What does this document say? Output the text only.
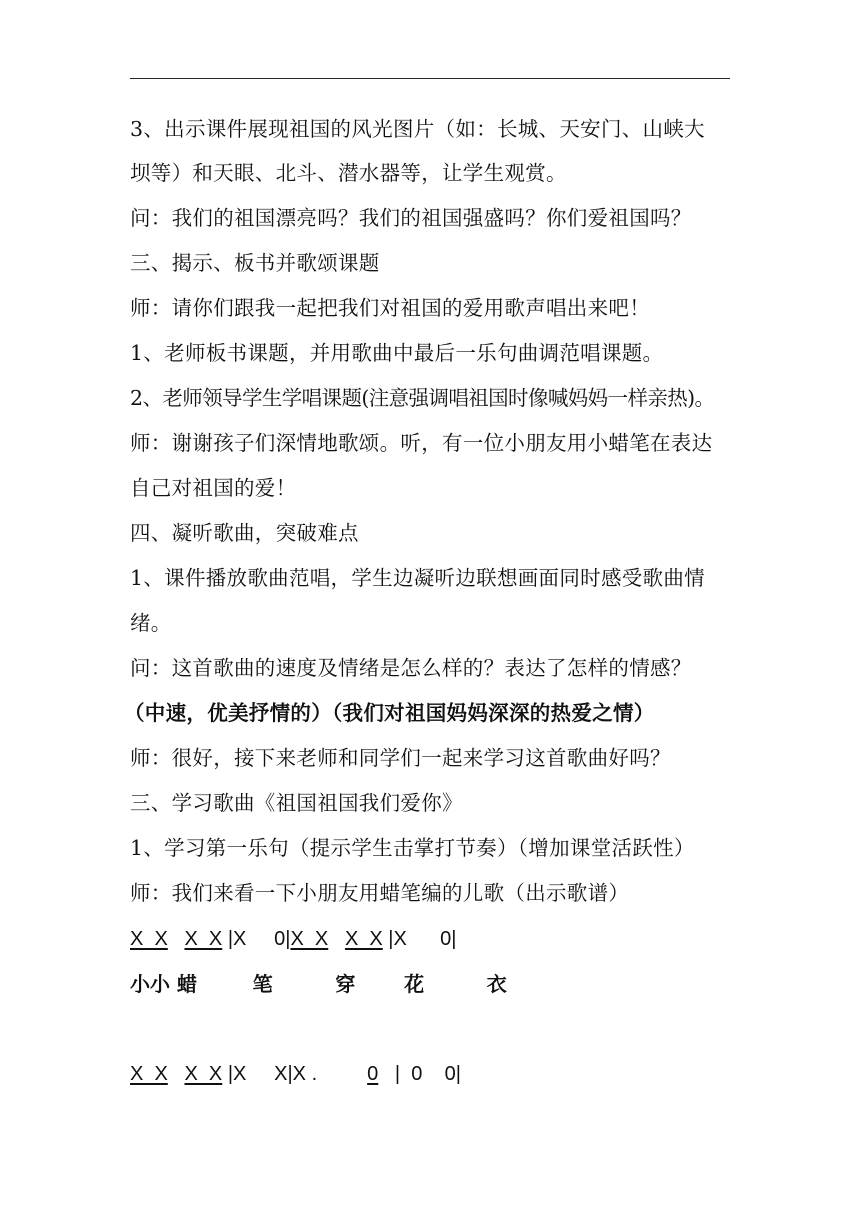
3、出示课件展现祖国的风光图片（如：长城、天安门、山峡大
坝等）和天眼、北斗、潜水器等，让学生观赏。
问：我们的祖国漂亮吗？我们的祖国强盛吗？你们爱祖国吗？
三、揭示、板书并歌颂课题
师：请你们跟我一起把我们对祖国的爱用歌声唱出来吧！
1、老师板书课题，并用歌曲中最后一乐句曲调范唱课题。
2、老师领导学生学唱课题(注意强调唱祖国时像喊妈妈一样亲热)。
师：谢谢孩子们深情地歌颂。听，有一位小朋友用小蜡笔在表达
自己对祖国的爱！
四、凝听歌曲，突破难点
1、课件播放歌曲范唱，学生边凝听边联想画面同时感受歌曲情
绪。
问：这首歌曲的速度及情绪是怎么样的？表达了怎样的情感？
（中速，优美抒情的）（我们对祖国妈妈深深的热爱之情）
师：很好，接下来老师和同学们一起来学习这首歌曲好吗？
三、学习歌曲《祖国祖国我们爱你》
1、学习第一乐句（提示学生击掌打节奏）（增加课堂活跃性）
师：我们来看一下小朋友用蜡笔编的儿歌（出示歌谱）
X  X X  X |X     0|X  X X  X |X      0|
小小 蜡        笔         穿       花         衣
X  X X  X |X     X|X .         0   |  0    0|
